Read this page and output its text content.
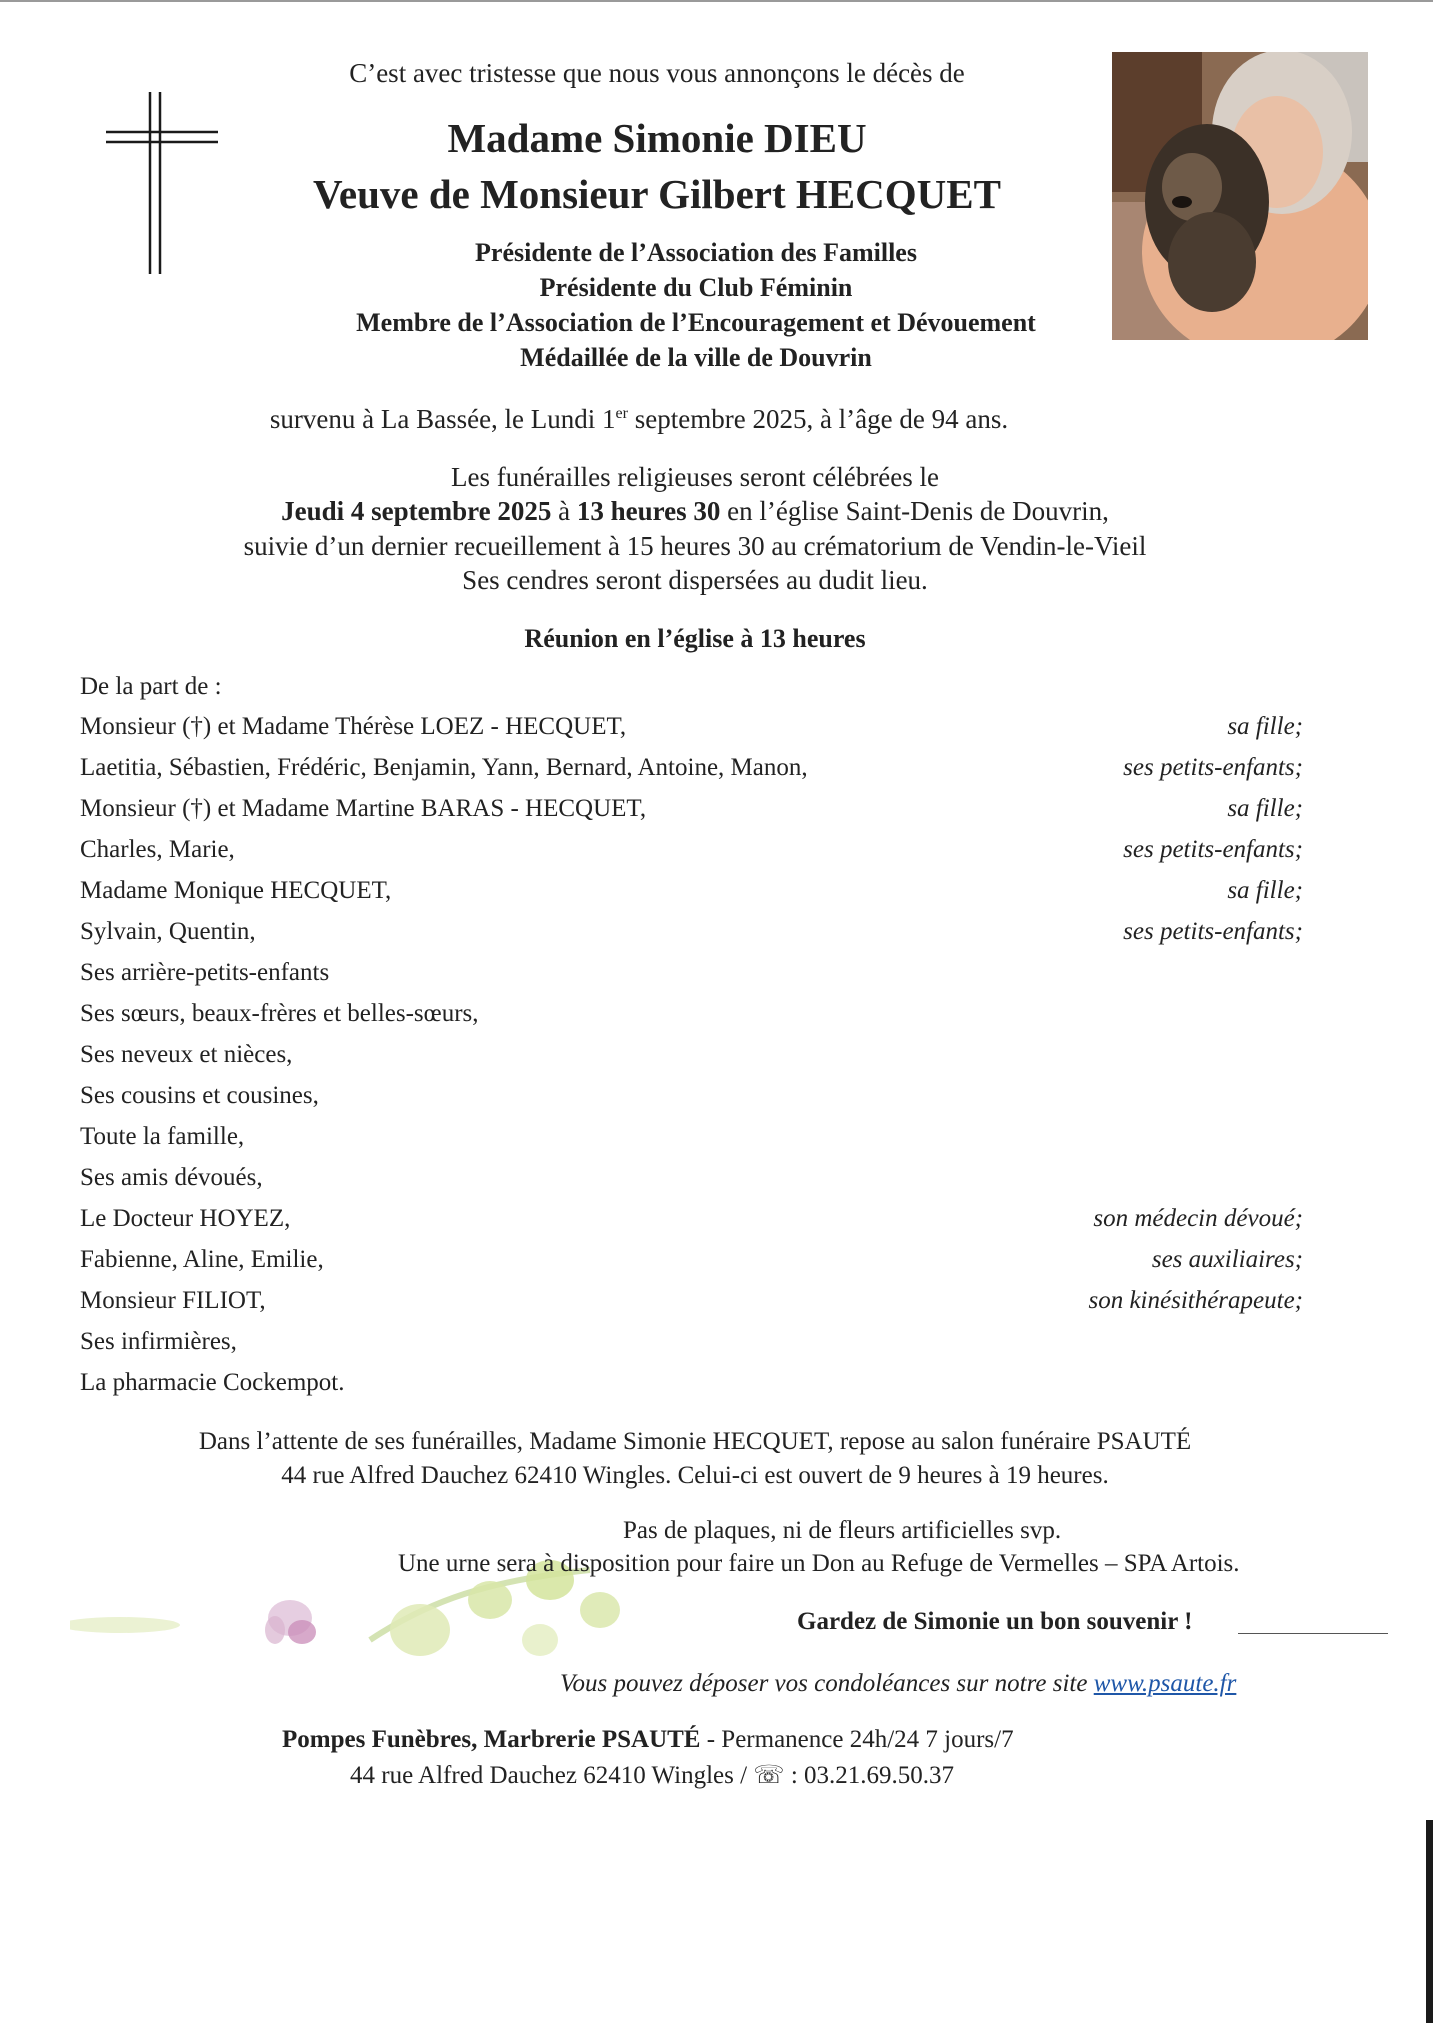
C’est avec tristesse que nous vous annonçons le décès de
Madame Simonie DIEU
Veuve de Monsieur Gilbert HECQUET
Présidente de l’Association des Familles
Présidente du Club Féminin
Membre de l’Association de l’Encouragement et Dévouement
Médaillée de la ville de Douvrin
survenu à La Bassée, le Lundi 1er septembre 2025, à l’âge de 94 ans.
Les funérailles religieuses seront célébrées le
Jeudi 4 septembre 2025 à 13 heures 30 en l’église Saint-Denis de Douvrin,
suivie d’un dernier recueillement à 15 heures 30 au crématorium de Vendin-le-Vieil
Ses cendres seront dispersées au dudit lieu.
Réunion en l’église à 13 heures
De la part de :
Monsieur (†) et Madame Thérèse LOEZ - HECQUET,	sa fille;
Laetitia, Sébastien, Frédéric, Benjamin, Yann, Bernard, Antoine, Manon,	ses petits-enfants;
Monsieur (†) et Madame Martine BARAS - HECQUET,	sa fille;
Charles, Marie,	ses petits-enfants;
Madame Monique HECQUET,	sa fille;
Sylvain, Quentin,	ses petits-enfants;
Ses arrière-petits-enfants
Ses sœurs, beaux-frères et belles-sœurs,
Ses neveux et nièces,
Ses cousins et cousines,
Toute la famille,
Ses amis dévoués,
Le Docteur HOYEZ,	son médecin dévoué;
Fabienne, Aline, Emilie,	ses auxiliaires;
Monsieur FILIOT,	son kinésithérapeute;
Ses infirmières,
La pharmacie Cockempot.
Dans l’attente de ses funérailles, Madame Simonie HECQUET, repose au salon funéraire PSAUTÉ
44 rue Alfred Dauchez 62410 Wingles. Celui-ci est ouvert de 9 heures à 19 heures.
Pas de plaques, ni de fleurs artificielles svp.
Une urne sera à disposition pour faire un Don au Refuge de Vermelles – SPA Artois.
Gardez de Simonie un bon souvenir !
Vous pouvez déposer vos condoléances sur notre site www.psaute.fr
Pompes Funèbres, Marbrerie PSAUTÉ - Permanence 24h/24 7 jours/7
44 rue Alfred Dauchez 62410 Wingles / ☏ : 03.21.69.50.37
